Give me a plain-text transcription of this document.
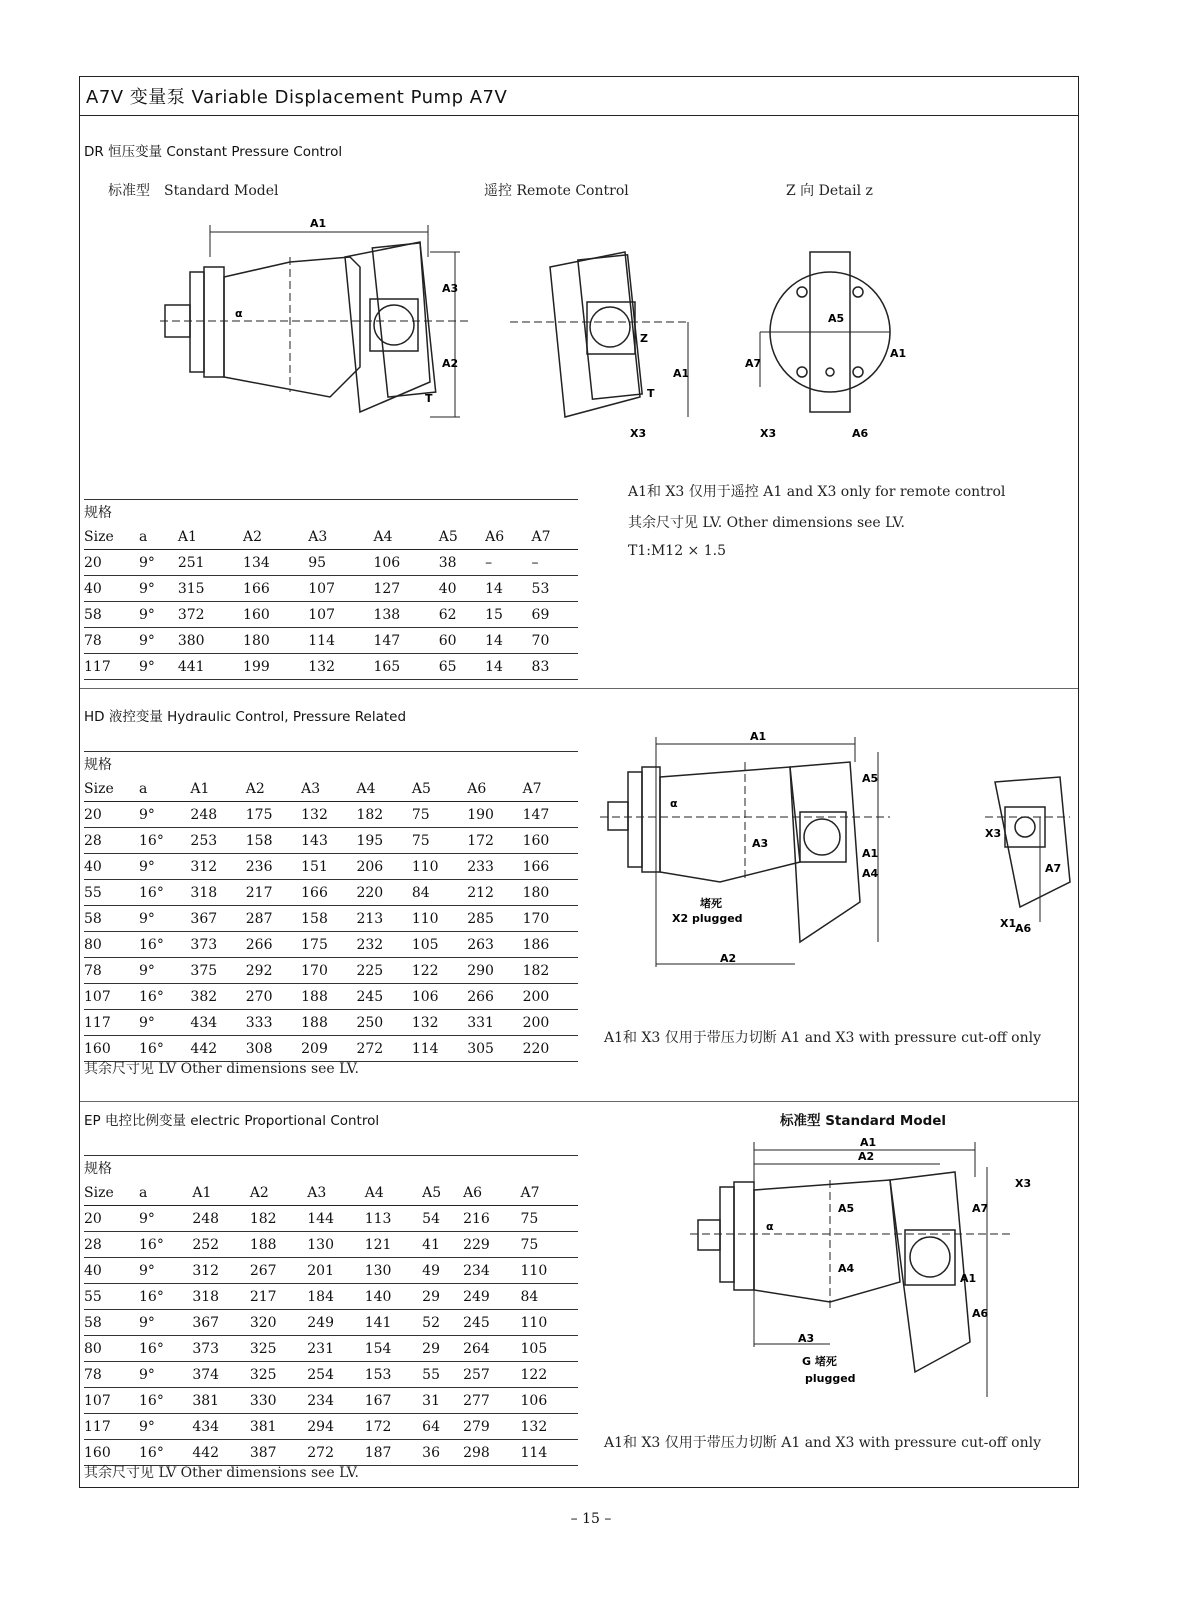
A7V 变量泵 Variable Displacement Pump A7V
DR 恒压变量 Constant Pressure Control
标准型　Standard Model	遥控 Remote Control	Z 向 Detail z
A1
A3
A2
α
T
Z
A1
T
X3
A5
A1
A7
X3	A6
A1和 X3 仅用于遥控 A1 and X3 only for remote control
其余尺寸见 LV. Other dimensions see LV.
T1:M12 × 1.5
规格								
Size	a	A1	A2	A3	A4	A5	A6	A7
20	9°	251	134	95	106	38	–	–
40	9°	315	166	107	127	40	14	53
58	9°	372	160	107	138	62	15	69
78	9°	380	180	114	147	60	14	70
117	9°	441	199	132	165	65	14	83
HD 液控变量 Hydraulic Control, Pressure Related
规格								
Size	a	A1	A2	A3	A4	A5	A6	A7
20	9°	248	175	132	182	75	190	147
28	16°	253	158	143	195	75	172	160
40	9°	312	236	151	206	110	233	166
55	16°	318	217	166	220	84	212	180
58	9°	367	287	158	213	110	285	170
80	16°	373	266	175	232	105	263	186
78	9°	375	292	170	225	122	290	182
107	16°	382	270	188	245	106	266	200
117	9°	434	333	188	250	132	331	200
160	16°	442	308	209	272	114	305	220
其余尺寸见 LV Other dimensions see LV.
A1
A2
A3
A4
A5
A6
A7
α
A1
X3
X1
堵死
X2 plugged
A1和 X3 仅用于带压力切断 A1 and X3 with pressure cut-off only
EP 电控比例变量 electric Proportional Control	标准型 Standard Model
规格								
Size	a	A1	A2	A3	A4	A5	A6	A7
20	9°	248	182	144	113	54	216	75
28	16°	252	188	130	121	41	229	75
40	9°	312	267	201	130	49	234	110
55	16°	318	217	184	140	29	249	84
58	9°	367	320	249	141	52	245	110
80	16°	373	325	231	154	29	264	105
78	9°	374	325	254	153	55	257	122
107	16°	381	330	234	167	31	277	106
117	9°	434	381	294	172	64	279	132
160	16°	442	387	272	187	36	298	114
其余尺寸见 LV Other dimensions see LV.
A1
A2
A3
A4
A5
A6
A7
α
A1
X3
G 堵死
plugged
A1和 X3 仅用于带压力切断 A1 and X3 with pressure cut-off only
– 15 –
